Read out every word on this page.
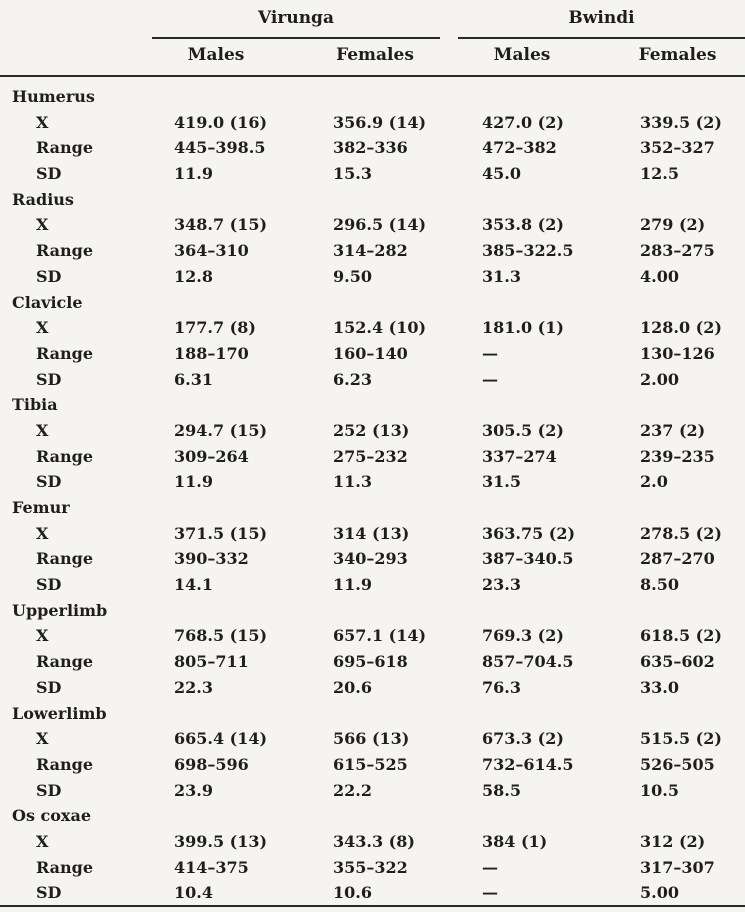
Virunga	Bwindi
Males	Females	Males	Females
Humerus
X	419.0 (16)	356.9 (14)	427.0 (2)	339.5 (2)
Range	445–398.5	382–336	472–382	352–327
SD	11.9	15.3	45.0	12.5
Radius
X	348.7 (15)	296.5 (14)	353.8 (2)	279 (2)
Range	364–310	314–282	385–322.5	283–275
SD	12.8	9.50	31.3	4.00
Clavicle
X	177.7 (8)	152.4 (10)	181.0 (1)	128.0 (2)
Range	188–170	160–140	—	130–126
SD	6.31	6.23	—	2.00
Tibia
X	294.7 (15)	252 (13)	305.5 (2)	237 (2)
Range	309–264	275–232	337–274	239–235
SD	11.9	11.3	31.5	2.0
Femur
X	371.5 (15)	314 (13)	363.75 (2)	278.5 (2)
Range	390–332	340–293	387–340.5	287–270
SD	14.1	11.9	23.3	8.50
Upperlimb
X	768.5 (15)	657.1 (14)	769.3 (2)	618.5 (2)
Range	805–711	695–618	857–704.5	635–602
SD	22.3	20.6	76.3	33.0
Lowerlimb
X	665.4 (14)	566 (13)	673.3 (2)	515.5 (2)
Range	698–596	615–525	732–614.5	526–505
SD	23.9	22.2	58.5	10.5
Os coxae
X	399.5 (13)	343.3 (8)	384 (1)	312 (2)
Range	414–375	355–322	—	317–307
SD	10.4	10.6	—	5.00
